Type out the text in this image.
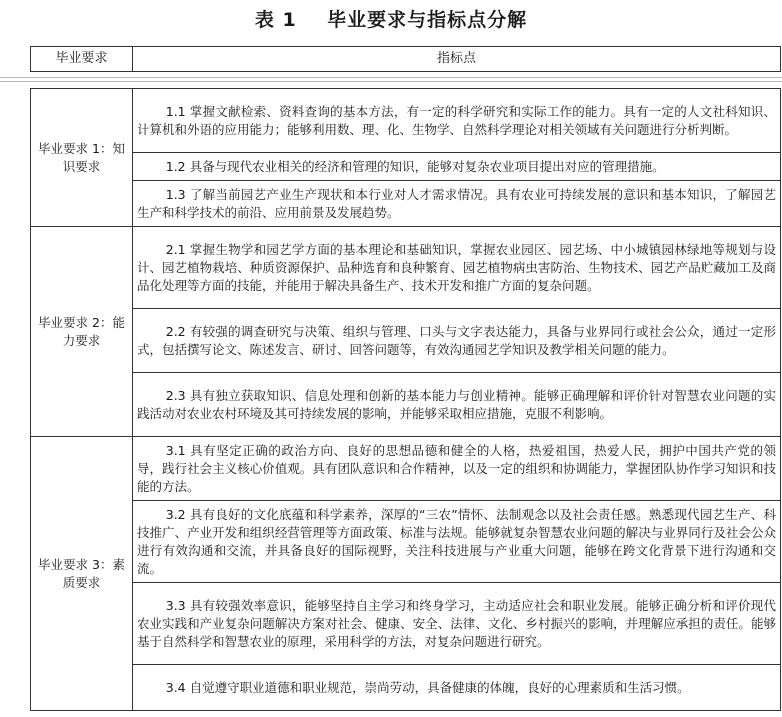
表 1    毕业要求与指标点分解
毕业要求	指标点
毕业要求 1：知识要求	1.1 掌握文献检索、资料查询的基本方法，有一定的科学研究和实际工作的能力。具有一定的人文社科知识、计算机和外语的应用能力；能够利用数、理、化、生物学、自然科学理论对相关领域有关问题进行分析判断。

	1.2 具备与现代农业相关的经济和管理的知识，能够对复杂农业项目提出对应的管理措施。

	1.3 了解当前园艺产业生产现状和本行业对人才需求情况。具有农业可持续发展的意识和基本知识，了解园艺生产和科学技术的前沿、应用前景及发展趋势。

毕业要求 2：能力要求	2.1 掌握生物学和园艺学方面的基本理论和基础知识，掌握农业园区、园艺场、中小城镇园林绿地等规划与设计、园艺植物栽培、种质资源保护、品种选育和良种繁育、园艺植物病虫害防治、生物技术、园艺产品贮藏加工及商品化处理等方面的技能，并能用于解决具备生产、技术开发和推广方面的复杂问题。

	2.2 有较强的调查研究与决策、组织与管理、口头与文字表达能力，具备与业界同行或社会公众，通过一定形式，包括撰写论文、陈述发言、研讨、回答问题等，有效沟通园艺学知识及教学相关问题的能力。

	2.3 具有独立获取知识、信息处理和创新的基本能力与创业精神。能够正确理解和评价针对智慧农业问题的实践活动对农业农村环境及其可持续发展的影响，并能够采取相应措施，克服不利影响。

毕业要求 3：素质要求	3.1 具有坚定正确的政治方向、良好的思想品德和健全的人格，热爱祖国，热爱人民，拥护中国共产党的领导，践行社会主义核心价值观。具有团队意识和合作精神，以及一定的组织和协调能力，掌握团队协作学习知识和技能的方法。

	3.2 具有良好的文化底蕴和科学素养，深厚的“三农”情怀、法制观念以及社会责任感。熟悉现代园艺生产、科技推广、产业开发和组织经营管理等方面政策、标准与法规。能够就复杂智慧农业问题的解决与业界同行及社会公众进行有效沟通和交流，并具备良好的国际视野，关注科技进展与产业重大问题，能够在跨文化背景下进行沟通和交流。

	3.3 具有较强效率意识，能够坚持自主学习和终身学习，主动适应社会和职业发展。能够正确分析和评价现代农业实践和产业复杂问题解决方案对社会、健康、安全、法律、文化、乡村振兴的影响，并理解应承担的责任。能够基于自然科学和智慧农业的原理，采用科学的方法，对复杂问题进行研究。

	3.4 自觉遵守职业道德和职业规范，崇尚劳动，具备健康的体魄，良好的心理素质和生活习惯。
